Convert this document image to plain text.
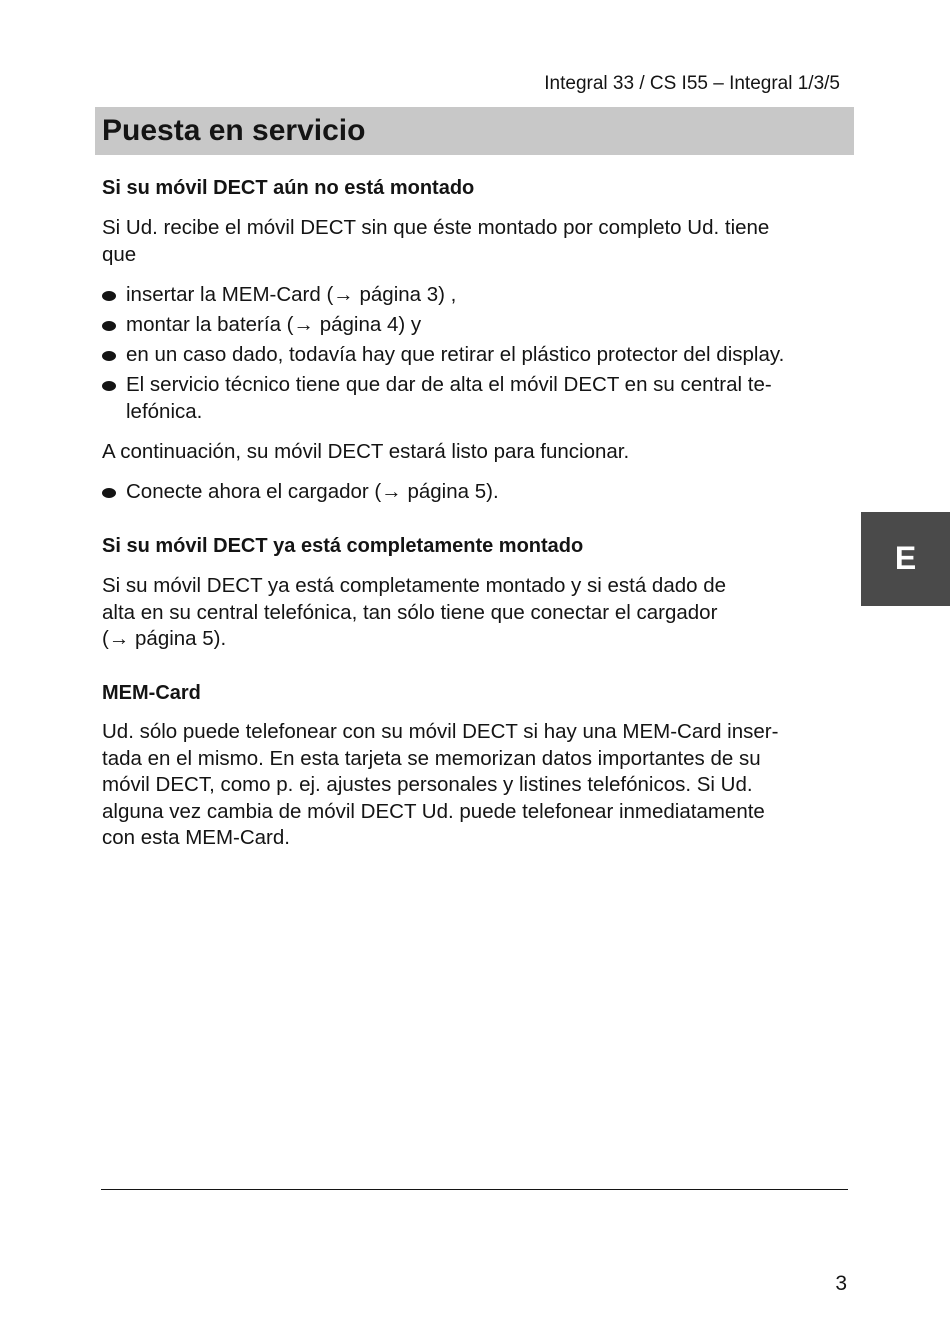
Integral 33 / CS I55 – Integral 1/3/5
Puesta en servicio
E
Si su móvil DECT aún no está montado
Si Ud. recibe el móvil DECT sin que éste montado por completo Ud. tiene
que
insertar la MEM-Card (→ página 3) ,
montar la batería (→ página 4) y
en un caso dado, todavía hay que retirar el plástico protector del display.
El servicio técnico tiene que dar de alta el móvil DECT en su central te-
lefónica.
A continuación, su móvil DECT estará listo para funcionar.
Conecte ahora el cargador (→ página 5).
Si su móvil DECT ya está completamente montado
Si su móvil DECT ya está completamente montado y si está dado de
alta en su central telefónica, tan sólo tiene que conectar el cargador
(→ página 5).
MEM-Card
Ud. sólo puede telefonear con su móvil DECT si hay una MEM-Card inser-
tada en el mismo. En esta tarjeta se memorizan datos importantes de su
móvil DECT, como p. ej. ajustes personales y listines telefónicos. Si Ud.
alguna vez cambia de móvil DECT Ud. puede telefonear inmediatamente
con esta MEM-Card.
3
